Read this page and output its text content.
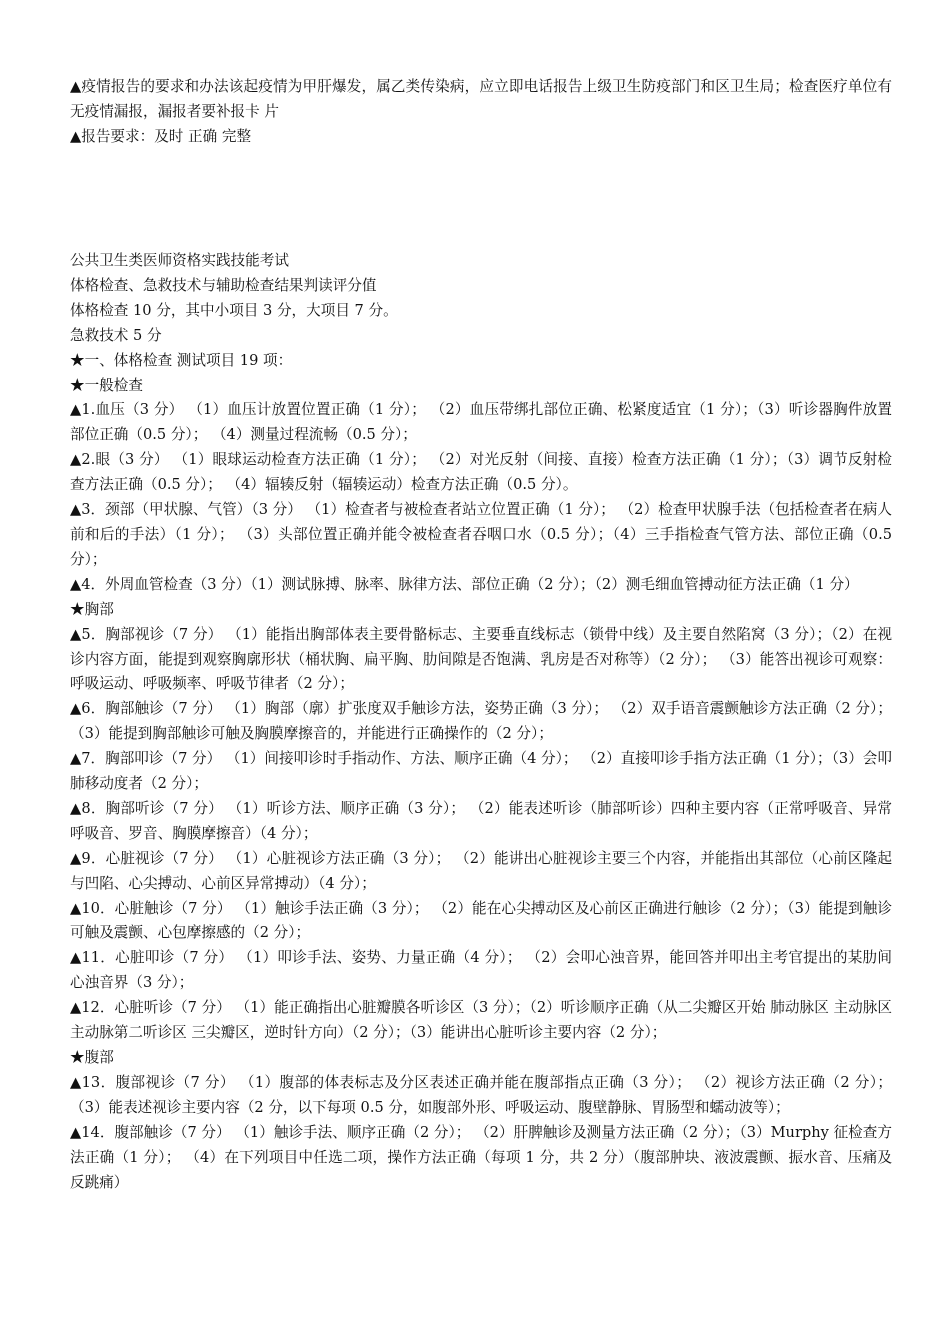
▲疫情报告的要求和办法该起疫情为甲肝爆发，属乙类传染病，应立即电话报告上级卫生防疫部门和区卫生局；检查医疗单位有无疫情漏报，漏报者要补报卡 片

▲报告要求：及时 正确 完整

公共卫生类医师资格实践技能考试

体格检查、急救技术与辅助检查结果判读评分值

体格检查 10 分，其中小项目 3 分，大项目 7 分。

急救技术 5 分

★一、体格检查 测试项目 19 项：

★一般检查

▲1.血压（3 分） （1）血压计放置位置正确（1 分）； （2）血压带绑扎部位正确、松紧度适宜（1 分）；（3）听诊器胸件放置部位正确（0.5 分）； （4）测量过程流畅（0.5 分）；

▲2.眼（3 分） （1）眼球运动检查方法正确（1 分）； （2）对光反射（间接、直接）检查方法正确（1 分）；（3）调节反射检查方法正确（0.5 分）； （4）辐辏反射（辐辏运动）检查方法正确（0.5 分）。

▲3．颈部（甲状腺、气管）（3 分） （1）检查者与被检查者站立位置正确（1 分）； （2）检查甲状腺手法（包括检查者在病人前和后的手法）（1 分）； （3）头部位置正确并能令被检查者吞咽口水（0.5 分）；（4）三手指检查气管方法、部位正确（0.5 分）；

▲4．外周血管检查（3 分）（1）测试脉搏、脉率、脉律方法、部位正确（2 分）；（2）测毛细血管搏动征方法正确（1 分）

★胸部

▲5．胸部视诊（7 分） （1）能指出胸部体表主要骨骼标志、主要垂直线标志（锁骨中线）及主要自然陷窝（3 分）；（2）在视诊内容方面，能提到观察胸廓形状（桶状胸、扁平胸、肋间隙是否饱满、乳房是否对称等）（2 分）； （3）能答出视诊可观察：呼吸运动、呼吸频率、呼吸节律者（2 分）；

▲6．胸部触诊（7 分） （1）胸部（廓）扩张度双手触诊方法，姿势正确（3 分）； （2）双手语音震颤触诊方法正确（2 分）； （3）能提到胸部触诊可触及胸膜摩擦音的，并能进行正确操作的（2 分）；

▲7．胸部叩诊（7 分） （1）间接叩诊时手指动作、方法、顺序正确（4 分）； （2）直接叩诊手指方法正确（1 分）；（3）会叩肺移动度者（2 分）；

▲8．胸部听诊（7 分） （1）听诊方法、顺序正确（3 分）； （2）能表述听诊（肺部听诊）四种主要内容（正常呼吸音、异常呼吸音、罗音、胸膜摩擦音）（4 分）；

▲9．心脏视诊（7 分） （1）心脏视诊方法正确（3 分）； （2）能讲出心脏视诊主要三个内容，并能指出其部位（心前区隆起与凹陷、心尖搏动、心前区异常搏动）（4 分）；

▲10．心脏触诊（7 分） （1）触诊手法正确（3 分）； （2）能在心尖搏动区及心前区正确进行触诊（2 分）；（3）能提到触诊可触及震颤、心包摩擦感的（2 分）；

▲11．心脏叩诊（7 分） （1）叩诊手法、姿势、力量正确（4 分）； （2）会叩心浊音界，能回答并叩出主考官提出的某肋间心浊音界（3 分）；

▲12．心脏听诊（7 分） （1）能正确指出心脏瓣膜各听诊区（3 分）；（2）听诊顺序正确（从二尖瓣区开始 肺动脉区 主动脉区 主动脉第二听诊区 三尖瓣区，逆时针方向）（2 分）；（3）能讲出心脏听诊主要内容（2 分）；

★腹部

▲13．腹部视诊（7 分） （1）腹部的体表标志及分区表述正确并能在腹部指点正确（3 分）； （2）视诊方法正确（2 分）； （3）能表述视诊主要内容（2 分，以下每项 0.5 分，如腹部外形、呼吸运动、腹壁静脉、胃肠型和蠕动波等）；

▲14．腹部触诊（7 分） （1）触诊手法、顺序正确（2 分）； （2）肝脾触诊及测量方法正确（2 分）；（3）Murphy 征检查方法正确（1 分）； （4）在下列项目中任选二项，操作方法正确（每项 1 分，共 2 分）（腹部肿块、液波震颤、振水音、压痛及反跳痛）
